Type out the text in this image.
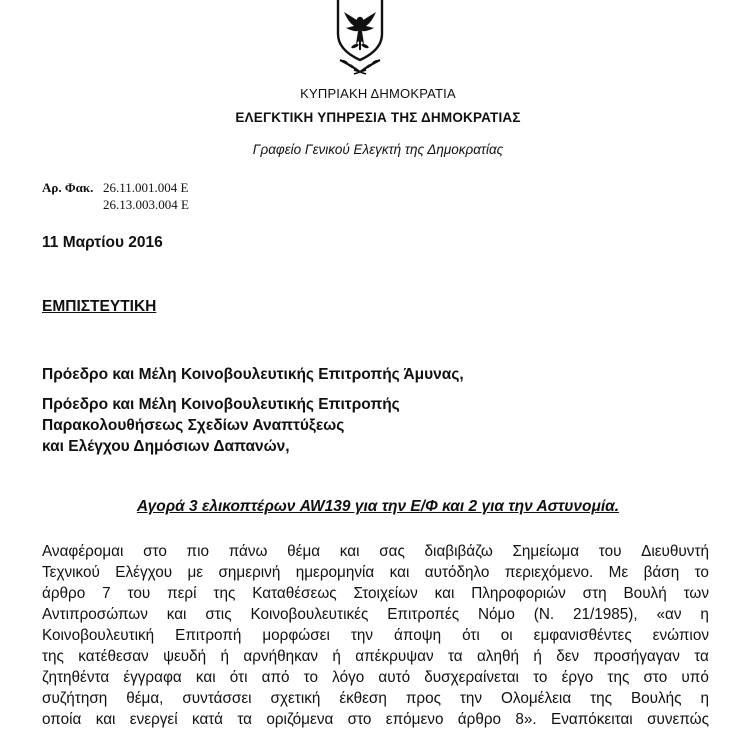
ΚΥΠΡΙΑΚΗ ΔΗΜΟΚΡΑΤΙΑ
ΕΛΕΓΚΤΙΚΗ ΥΠΗΡΕΣΙΑ ΤΗΣ ΔΗΜΟΚΡΑΤΙΑΣ
Γραφείο Γενικού Ελεγκτή της Δημοκρατίας
Αρ. Φακ. 26.11.001.004 Ε
26.13.003.004 Ε
11 Μαρτίου 2016
ΕΜΠΙΣΤΕΥΤΙΚΗ
Πρόεδρο και Μέλη Κοινοβουλευτικής Επιτροπής Άμυνας,
Πρόεδρο και Μέλη Κοινοβουλευτικής Επιτροπής
Παρακολουθήσεως Σχεδίων Αναπτύξεως
και Ελέγχου Δημόσιων Δαπανών,
Αγορά 3 ελικοπτέρων AW139 για την Ε/Φ και 2 για την Αστυνομία.
Αναφέρομαι στο πιο πάνω θέμα και σας διαβιβάζω Σημείωμα του Διευθυντή
Τεχνικού Ελέγχου με σημερινή ημερομηνία και αυτόδηλο περιεχόμενο. Με βάση το
άρθρο 7 του περί της Καταθέσεως Στοιχείων και Πληροφοριών στη Βουλή των
Αντιπροσώπων και στις Κοινοβουλευτικές Επιτροπές Νόμο (Ν. 21/1985), «αν η
Κοινοβουλευτική Επιτροπή μορφώσει την άποψη ότι οι εμφανισθέντες ενώπιον
της κατέθεσαν ψευδή ή αρνήθηκαν ή απέκρυψαν τα αληθή ή δεν προσήγαγαν τα
ζητηθέντα έγγραφα και ότι από το λόγο αυτό δυσχεραίνεται το έργο της στο υπό
συζήτηση θέμα, συντάσσει σχετική έκθεση προς την Ολομέλεια της Βουλής η
οποία και ενεργεί κατά τα οριζόμενα στο επόμενο άρθρο 8». Εναπόκειται συνεπώς
